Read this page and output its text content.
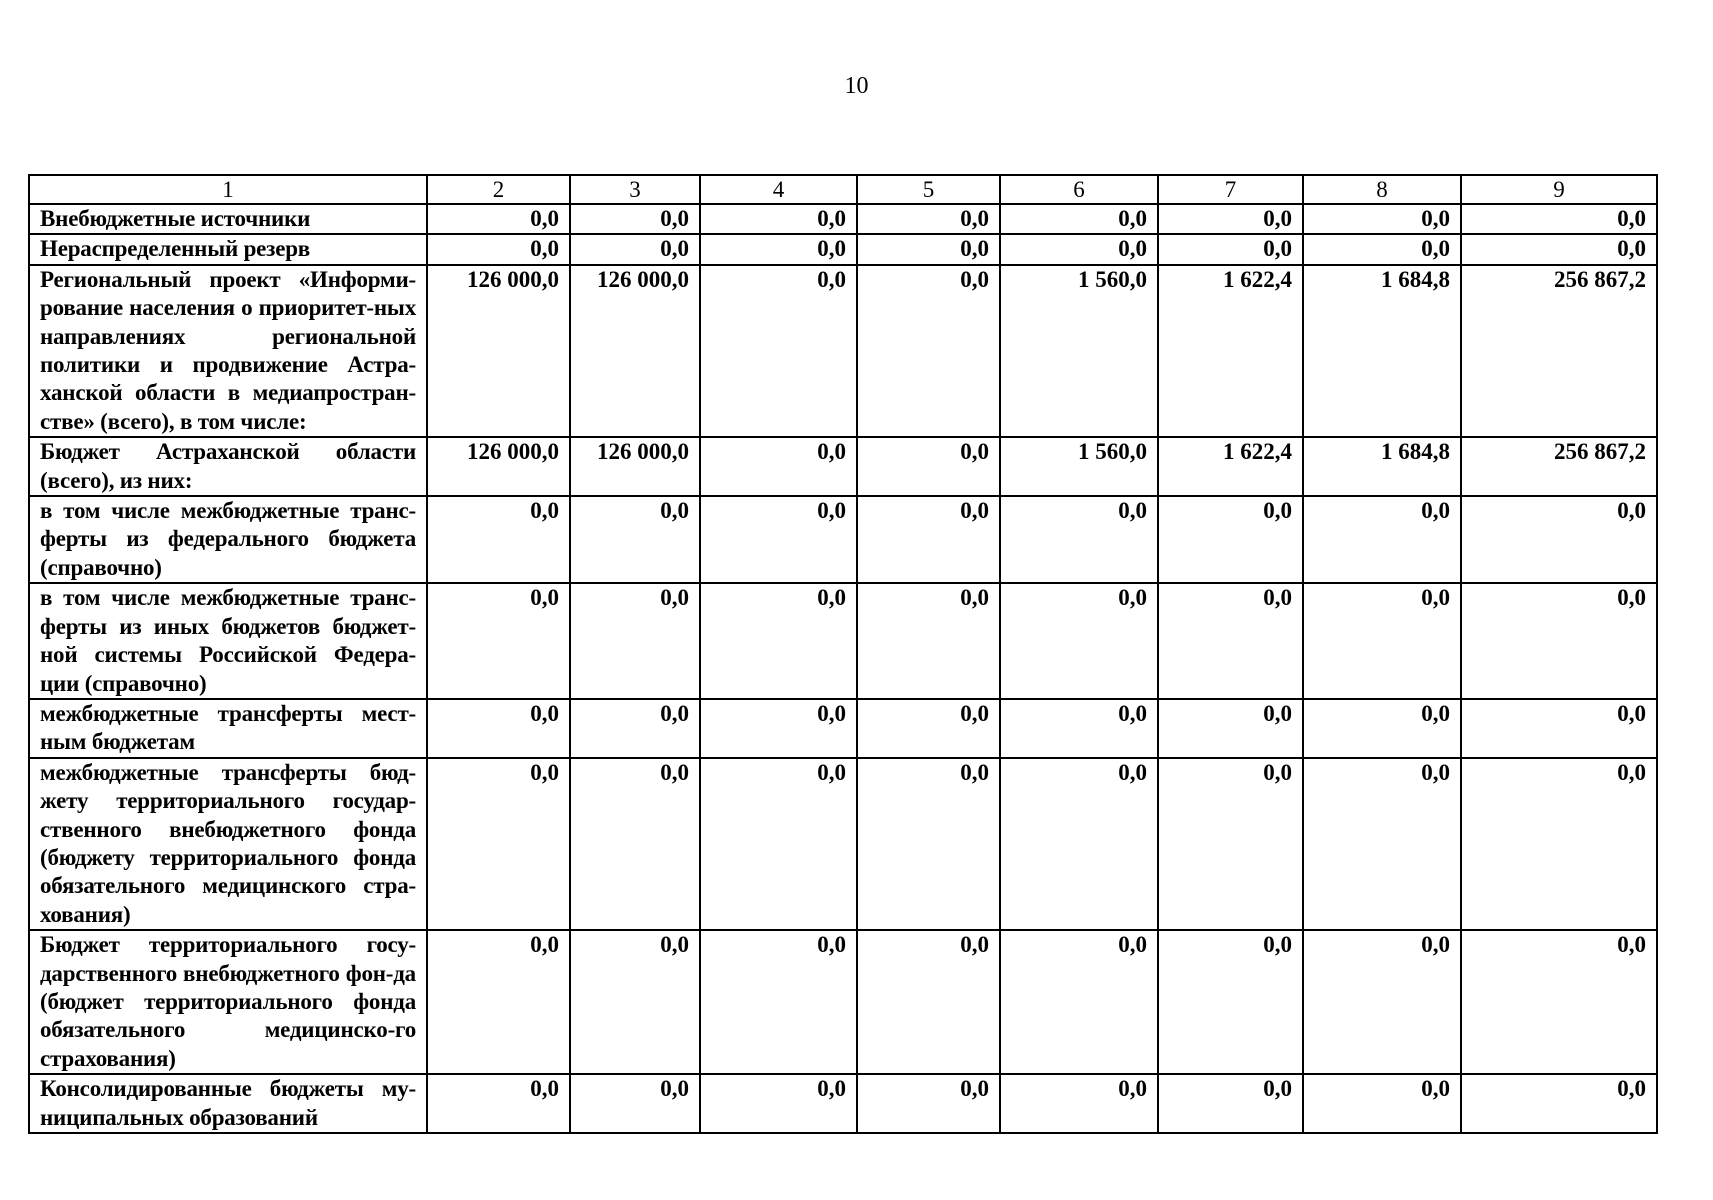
10
1	2	3	4	5	6	7	8	9
Внебюджетные источники	0,0	0,0	0,0	0,0	0,0	0,0	0,0	0,0
Нераспределенный резерв	0,0	0,0	0,0	0,0	0,0	0,0	0,0	0,0
Региональный проект «Информи-рование населения о приоритет-ных направлениях региональной политики и продвижение Астра-ханской области в медиапростран-стве» (всего), в том числе:	126 000,0	126 000,0	0,0	0,0	1 560,0	1 622,4	1 684,8	256 867,2
Бюджет Астраханской области (всего), из них:	126 000,0	126 000,0	0,0	0,0	1 560,0	1 622,4	1 684,8	256 867,2
в том числе межбюджетные транс-ферты из федерального бюджета (справочно)	0,0	0,0	0,0	0,0	0,0	0,0	0,0	0,0
в том числе межбюджетные транс-ферты из иных бюджетов бюджет-ной системы Российской Федера-ции (справочно)	0,0	0,0	0,0	0,0	0,0	0,0	0,0	0,0
межбюджетные трансферты мест-ным бюджетам	0,0	0,0	0,0	0,0	0,0	0,0	0,0	0,0
межбюджетные трансферты бюд-жету территориального государ-ственного внебюджетного фонда (бюджету территориального фонда обязательного медицинского стра-хования)	0,0	0,0	0,0	0,0	0,0	0,0	0,0	0,0
Бюджет территориального госу-дарственного внебюджетного фон-да (бюджет территориального фонда обязательного медицинско-го страхования)	0,0	0,0	0,0	0,0	0,0	0,0	0,0	0,0
Консолидированные бюджеты му-ниципальных образований	0,0	0,0	0,0	0,0	0,0	0,0	0,0	0,0
